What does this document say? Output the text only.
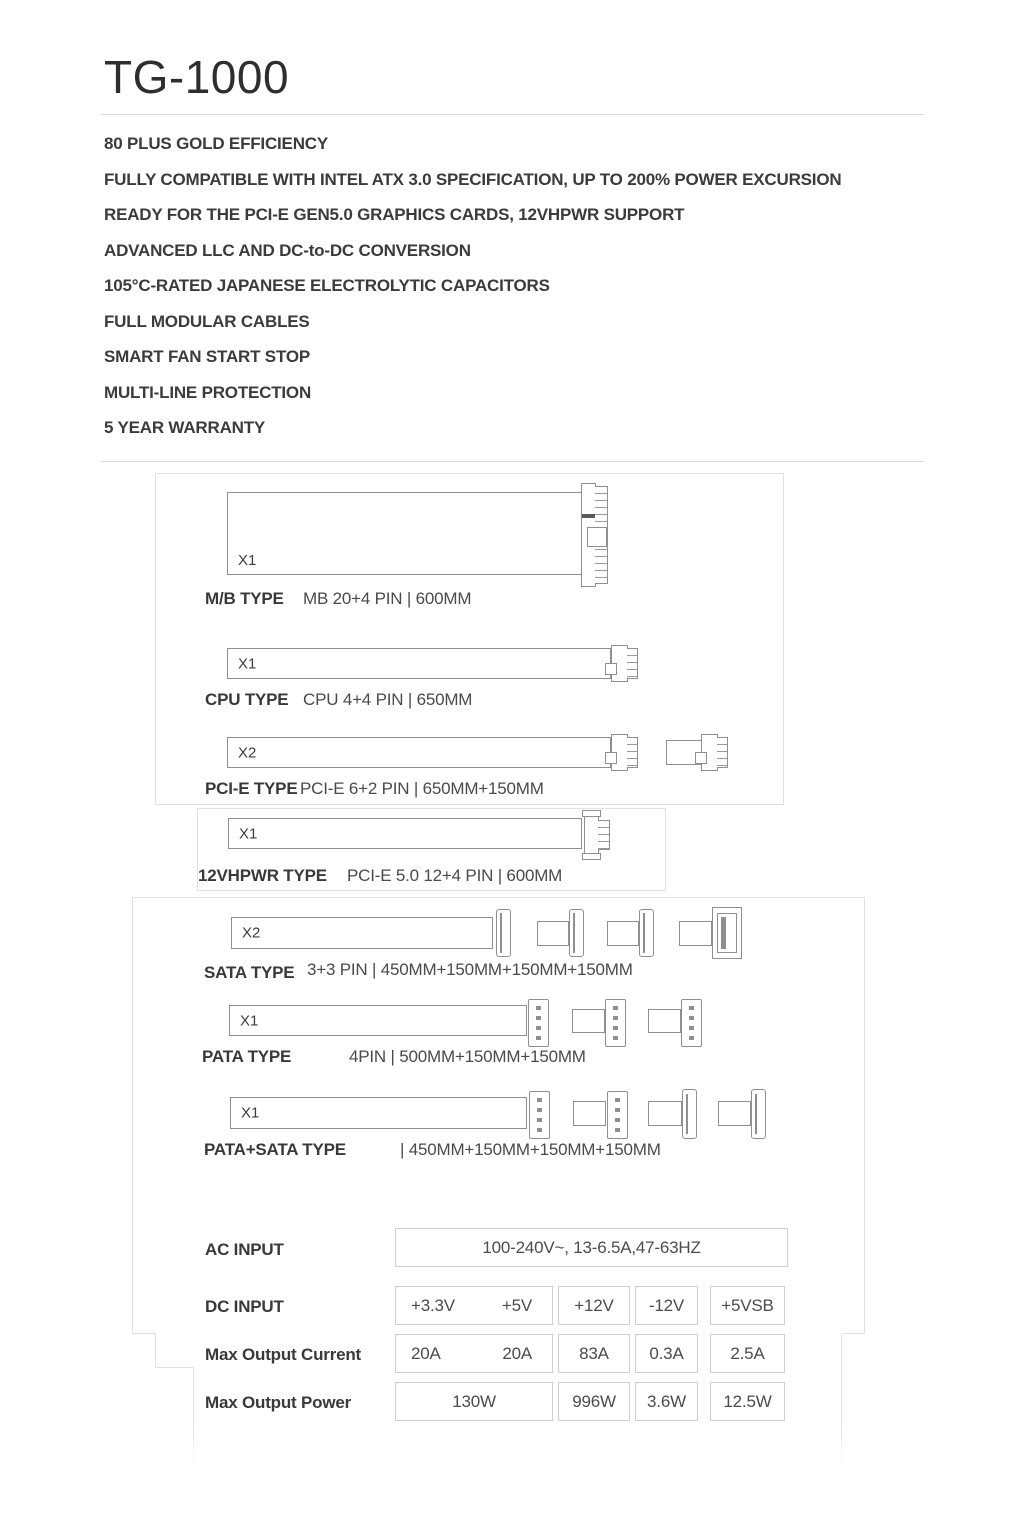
TG-1000
80 PLUS GOLD EFFICIENCY
FULLY COMPATIBLE WITH INTEL ATX 3.0 SPECIFICATION, UP TO 200% POWER EXCURSION
READY FOR THE PCI-E GEN5.0 GRAPHICS CARDS, 12VHPWR SUPPORT
ADVANCED LLC AND DC-to-DC CONVERSION
105°C-RATED JAPANESE ELECTROLYTIC CAPACITORS
FULL MODULAR CABLES
SMART FAN START STOP
MULTI-LINE PROTECTION
5 YEAR WARRANTY
X1
M/B TYPE MB 20+4 PIN | 600MM
X1
CPU TYPE CPU 4+4 PIN | 650MM
X2
PCI-E TYPE PCI-E 6+2 PIN | 650MM+150MM
X1
12VHPWR TYPE PCI-E 5.0 12+4 PIN | 600MM
X2
SATA TYPE 3+3 PIN | 450MM+150MM+150MM+150MM
X1
PATA TYPE	4PIN | 500MM+150MM+150MM
X1
PATA+SATA TYPE	| 450MM+150MM+150MM+150MM
AC INPUT	100-240V~, 13-6.5A,47-63HZ
DC INPUT	+3.3V	+5V	+12V	-12V	+5VSB
Max Output Current	20A	20A	83A	0.3A	2.5A
Max Output Power	130W	996W	3.6W	12.5W
